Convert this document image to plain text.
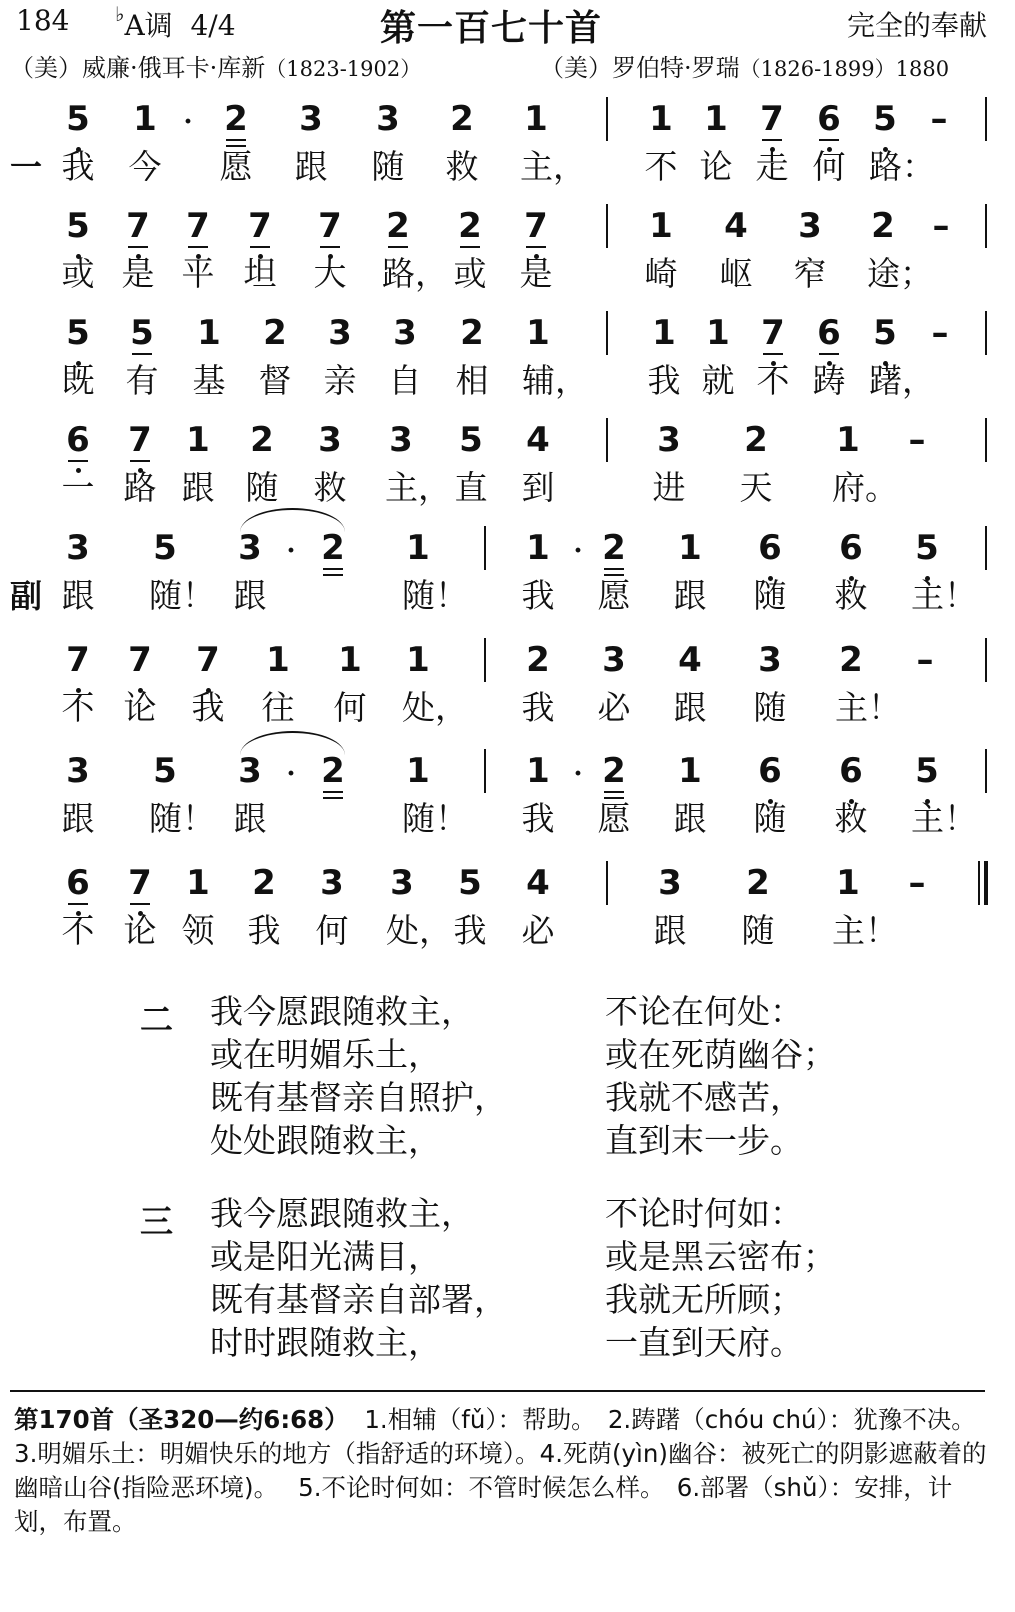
184 ♭A调 4/4	第一百七十首	完全的奉献
（美）威廉·俄耳卡·库新（1823-1902）	（美）罗伯特·罗瑞（1826-1899）1880
5 1 · 2 3 3 2 1	1 1 7 6 5 –
一 我 今 愿 跟 随 救 主， 不 论 走 何 路：
5 7 7 7 7 2 2 7	1 4 3 2 –
或 是 平 坦 大 路， 或 是	崎 岖 窄 途；
5 5 1 2 3 3 2 1	1 1 7 6 5 –
既 有 基 督 亲 自 相 辅， 我 就 不 踌 躇，
6 7 1 2 3 3 5 4	3 2 1 –
一 路 跟 随 救 主， 直 到	进 天 府。
3 5 3 · 2 1	1 · 2 1 6 6 5
副 跟 随！ 跟	随！ 我 愿 跟 随 救 主！
7 7 7 1 1 1	2 3 4 3 2 –
不 论 我 往 何 处， 我 必 跟 随 主！
3 5 3 · 2 1	1 · 2 1 6 6 5
跟 随！ 跟	随！ 我 愿 跟 随 救 主！
6 7 1 2 3 3 5 4	3 2 1 –
不 论 领 我 何 处， 我 必	跟 随 主！
二 我今愿跟随救主，	不论在何处：
或在明媚乐土，	或在死荫幽谷；
既有基督亲自照护，	我就不感苦，
处处跟随救主，	直到末一步。
三 我今愿跟随救主，	不论时何如：
或是阳光满目，	或是黑云密布；
既有基督亲自部署，	我就无所顾；
时时跟随救主，	一直到天府。
第170首（圣320—约6:68） 1.相辅（fǔ）：帮助。　2.踌躇（chóu chú）：犹豫不决。 3.明媚乐土：明媚快乐的地方（指舒适的环境）。4.死荫(yìn)幽谷：被死亡的阴影遮蔽着的幽暗山谷(指险恶环境)。　 5.不论时何如：不管时候怎么样。　6.部署（shǔ）：安排，计划，布置。
